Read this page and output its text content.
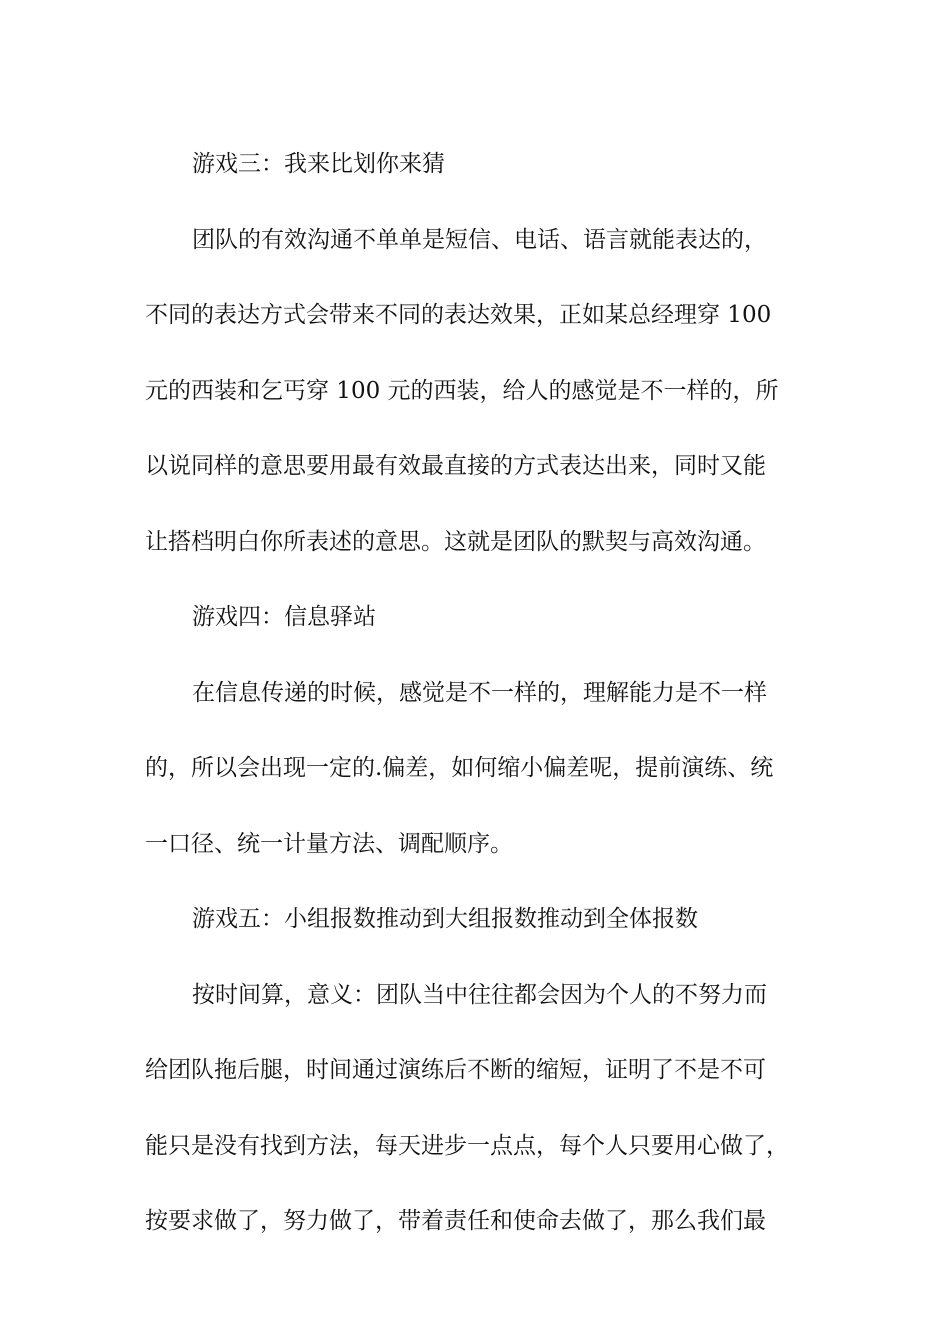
游戏三：我来比划你来猜
团队的有效沟通不单单是短信、电话、语言就能表达的，
不同的表达方式会带来不同的表达效果，正如某总经理穿 100
元的西装和乞丐穿 100 元的西装，给人的感觉是不一样的，所
以说同样的意思要用最有效最直接的方式表达出来，同时又能
让搭档明白你所表述的意思。这就是团队的默契与高效沟通。
游戏四：信息驿站
在信息传递的时候，感觉是不一样的，理解能力是不一样
的，所以会出现一定的.偏差，如何缩小偏差呢，提前演练、统
一口径、统一计量方法、调配顺序。
游戏五：小组报数推动到大组报数推动到全体报数
按时间算，意义：团队当中往往都会因为个人的不努力而
给团队拖后腿，时间通过演练后不断的缩短，证明了不是不可
能只是没有找到方法，每天进步一点点，每个人只要用心做了，
按要求做了，努力做了，带着责任和使命去做了，那么我们最
